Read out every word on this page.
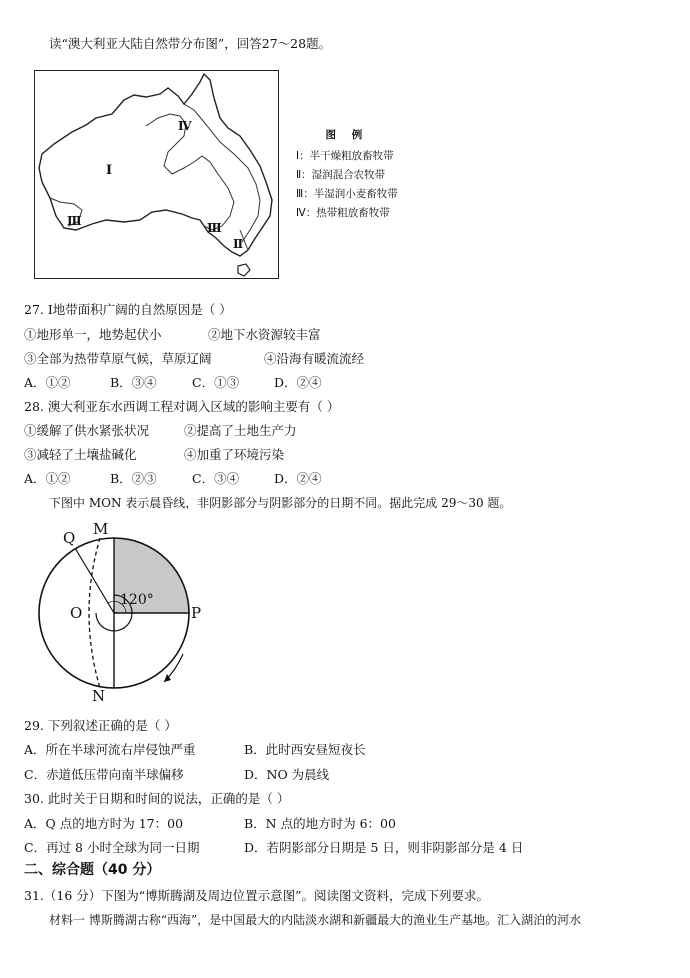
读“澳大利亚大陆自然带分布图”，回答27～28题。
Ⅰ
Ⅱ
Ⅲ
Ⅲ
Ⅳ
图 例
Ⅰ：半干燥粗放畜牧带
Ⅱ：湿润混合农牧带
Ⅲ：半湿润小麦畜牧带
Ⅳ：热带粗放畜牧带
27. Ⅰ地带面积广阔的自然原因是（ ）
①地形单一，地势起伏小	②地下水资源较丰富
③全部为热带草原气候，草原辽阔	④沿海有暖流流经
A．①②	B．③④	C．①③	D．②④
28. 澳大利亚东水西调工程对调入区域的影响主要有（ ）
①缓解了供水紧张状况	②提高了土地生产力
③减轻了土壤盐碱化	④加重了环境污染
A．①②	B．②③	C．③④	D．②④
下图中 MON 表示晨昏线，非阴影部分与阴影部分的日期不同。据此完成 29～30 题。
M
Q
O	P
N
120°
29. 下列叙述正确的是（ ）
A．所在半球河流右岸侵蚀严重	B．此时西安昼短夜长
C．赤道低压带向南半球偏移	D．NO 为晨线
30. 此时关于日期和时间的说法，正确的是（ ）
A．Q 点的地方时为 17：00	B．N 点的地方时为 6：00
C．再过 8 小时全球为同一日期	D．若阴影部分日期是 5 日，则非阴影部分是 4 日
二、综合题（40 分）
31.（16 分）下图为“博斯腾湖及周边位置示意图”。阅读图文资料，完成下列要求。
材料一 博斯腾湖古称“西海”，是中国最大的内陆淡水湖和新疆最大的渔业生产基地。汇入湖泊的河水
